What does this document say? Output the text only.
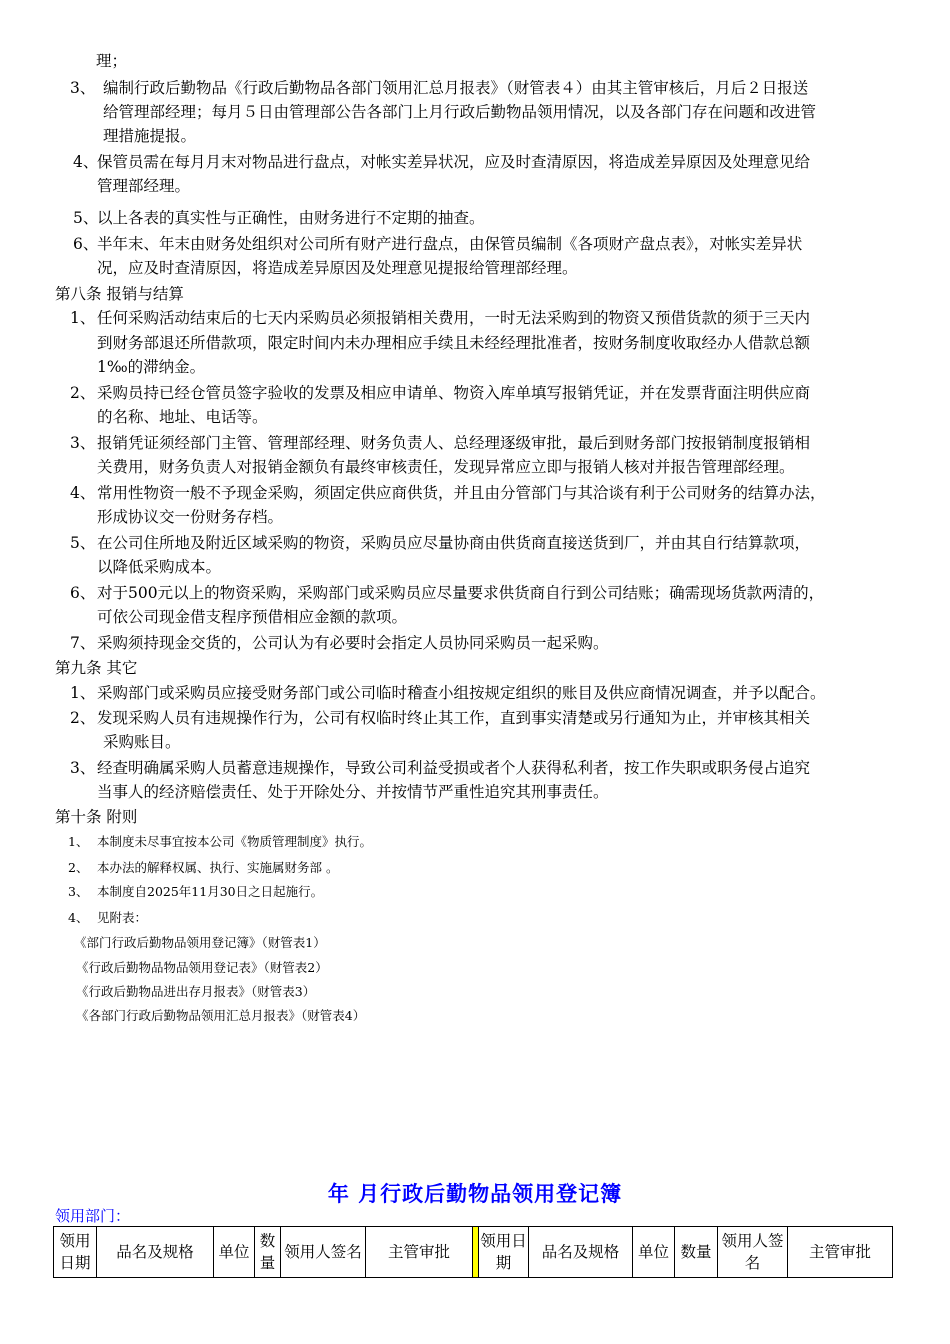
理；
3、 编制行政后勤物品《行政后勤物品各部门领用汇总月报表》（财管表４）由其主管审核后，月后２日报送
给管理部经理；每月５日由管理部公告各部门上月行政后勤物品领用情况，以及各部门存在问题和改进管
理措施提报。
4、
保管员需在每月月末对物品进行盘点，对帐实差异状况，应及时查清原因，将造成差异原因及处理意见给
管理部经理。
5、
以上各表的真实性与正确性，由财务进行不定期的抽查。
6、
半年末、年末由财务处组织对公司所有财产进行盘点，由保管员编制《各项财产盘点表》，对帐实差异状
况，应及时查清原因，将造成差异原因及处理意见提报给管理部经理。
第八条 报销与结算
1、 任何采购活动结束后的七天内采购员必须报销相关费用，一时无法采购到的物资又预借货款的须于三天内
到财务部退还所借款项，限定时间内未办理相应手续且未经经理批准者，按财务制度收取经办人借款总额
1‰的滞纳金。
2、 采购员持已经仓管员签字验收的发票及相应申请单、物资入库单填写报销凭证，并在发票背面注明供应商
的名称、地址、电话等。
3、 报销凭证须经部门主管、管理部经理、财务负责人、总经理逐级审批，最后到财务部门按报销制度报销相
关费用，财务负责人对报销金额负有最终审核责任，发现异常应立即与报销人核对并报告管理部经理。
4、 常用性物资一般不予现金采购，须固定供应商供货，并且由分管部门与其洽谈有利于公司财务的结算办法，
形成协议交一份财务存档。
5、 在公司住所地及附近区域采购的物资，采购员应尽量协商由供货商直接送货到厂，并由其自行结算款项，
以降低采购成本。
6、 对于500元以上的物资采购，采购部门或采购员应尽量要求供货商自行到公司结账；确需现场货款两清的，
可依公司现金借支程序预借相应金额的款项。
7、 采购须持现金交货的，公司认为有必要时会指定人员协同采购员一起采购。
第九条 其它
1、 采购部门或采购员应接受财务部门或公司临时稽查小组按规定组织的账目及供应商情况调查，并予以配合。
2、 发现采购人员有违规操作行为，公司有权临时终止其工作，直到事实清楚或另行通知为止，并审核其相关
采购账目。
3、 经查明确属采购人员蓄意违规操作，导致公司利益受损或者个人获得私利者，按工作失职或职务侵占追究
当事人的经济赔偿责任、处于开除处分、并按情节严重性追究其刑事责任。
第十条 附则
1、 本制度未尽事宜按本公司《物质管理制度》执行。
2、 本办法的解释权属、执行、实施属财务部 。
3、 本制度自2025年11月30日之日起施行。
4、 见附表：
《部门行政后勤物品领用登记簿》（财管表1）
《行政后勤物品物品领用登记表》（财管表2）
《行政后勤物品进出存月报表》（财管表3）
《各部门行政后勤物品领用汇总月报表》（财管表4）
年 月行政后勤物品领用登记簿
领用部门：
领用日期	品名及规格	单位	数量	领用人签名	主管审批		领用日期	品名及规格	单位	数量	领用人签名	主管审批
